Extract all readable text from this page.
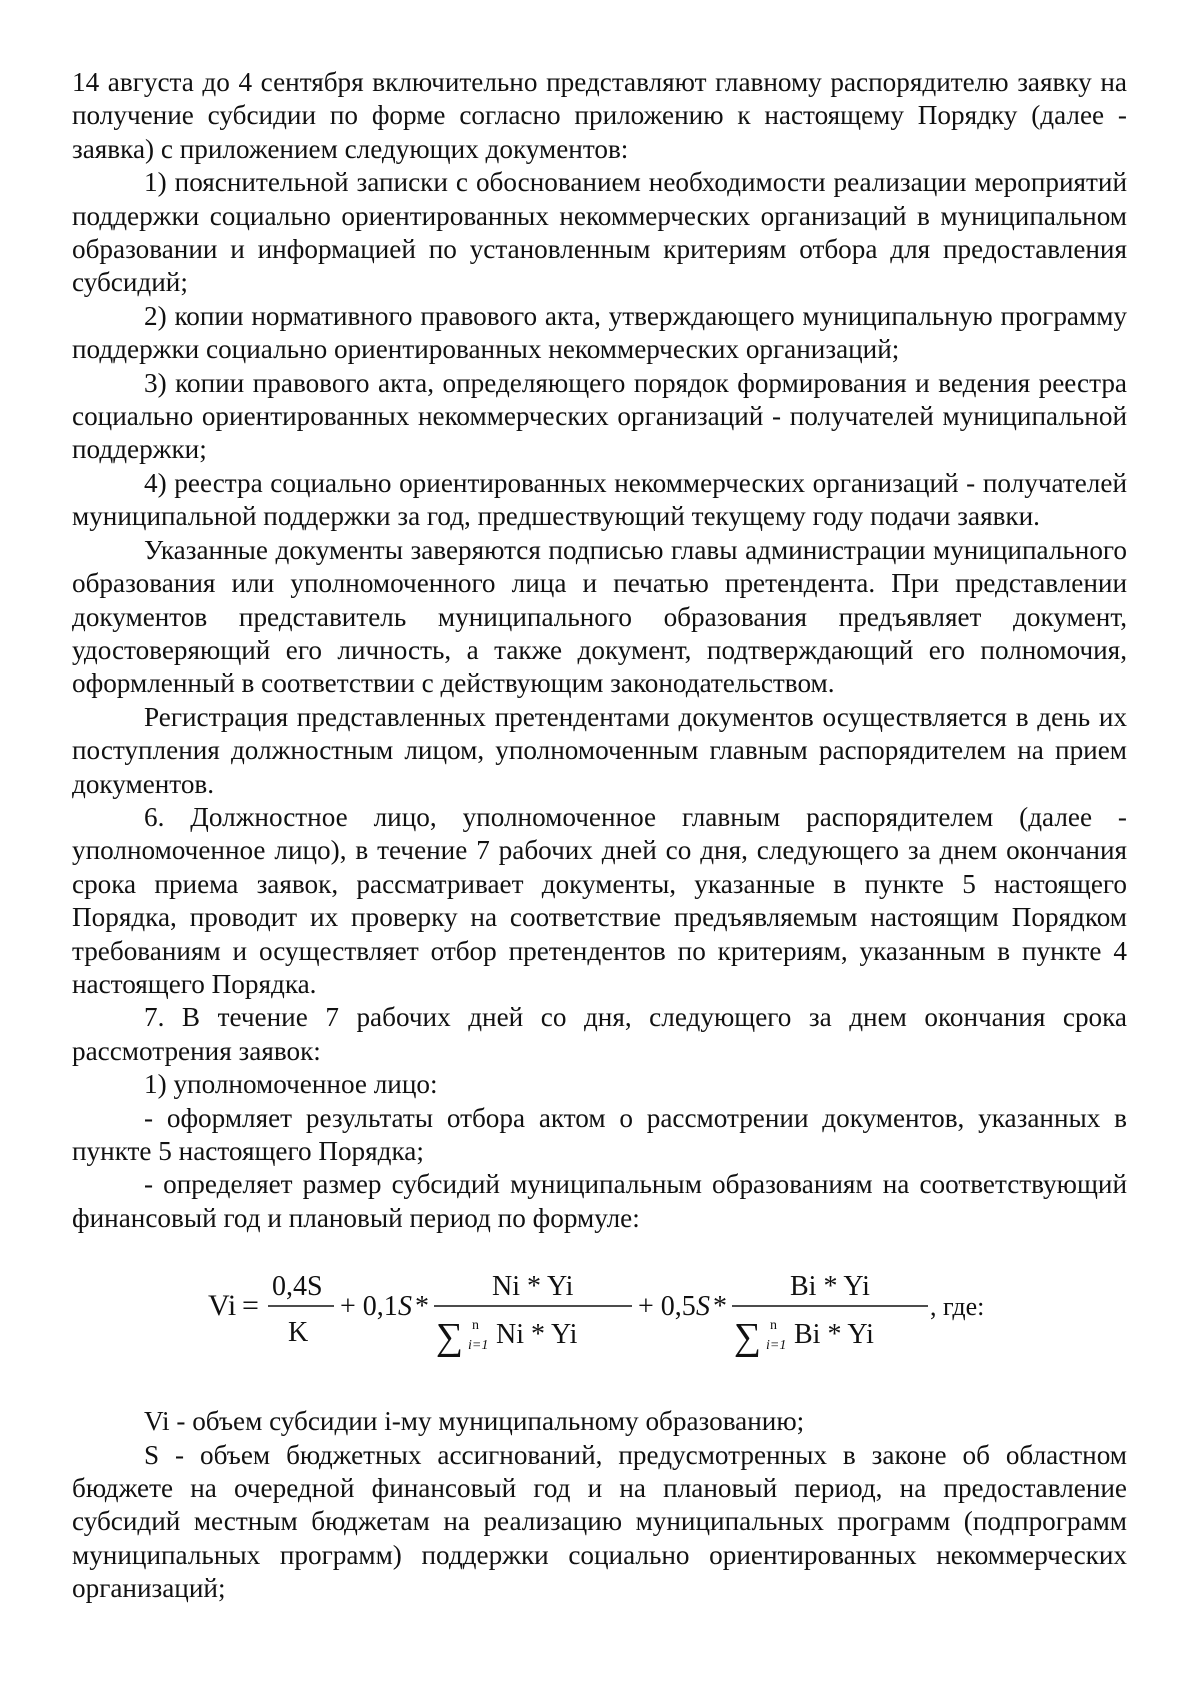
14 августа до 4 сентября включительно представляют главному распорядителю заявку на получение субсидии по форме согласно приложению к настоящему Порядку (далее - заявка) с приложением следующих документов:

1) пояснительной записки с обоснованием необходимости реализации мероприятий поддержки социально ориентированных некоммерческих организаций в муниципальном образовании и информацией по установленным критериям отбора для предоставления субсидий;

2) копии нормативного правового акта, утверждающего муниципальную программу поддержки социально ориентированных некоммерческих организаций;

3) копии правового акта, определяющего порядок формирования и ведения реестра социально ориентированных некоммерческих организаций - получателей муниципальной поддержки;

4) реестра социально ориентированных некоммерческих организаций - получателей муниципальной поддержки за год, предшествующий текущему году подачи заявки.

Указанные документы заверяются подписью главы администрации муниципального образования или уполномоченного лица и печатью претендента. При представлении документов представитель муниципального образования предъявляет документ, удостоверяющий его личность, а также документ, подтверждающий его полномочия, оформленный в соответствии с действующим законодательством.

Регистрация представленных претендентами документов осуществляется в день их поступления должностным лицом, уполномоченным главным распорядителем на прием документов.

6. Должностное лицо, уполномоченное главным распорядителем (далее - уполномоченное лицо), в течение 7 рабочих дней со дня, следующего за днем окончания срока приема заявок, рассматривает документы, указанные в пункте 5 настоящего Порядка, проводит их проверку на соответствие предъявляемым настоящим Порядком требованиям и осуществляет отбор претендентов по критериям, указанным в пункте 4 настоящего Порядка.

7. В течение 7 рабочих дней со дня, следующего за днем окончания срока рассмотрения заявок:

1) уполномоченное лицо:

- оформляет результаты отбора актом о рассмотрении документов, указанных в пункте 5 настоящего Порядка;

- определяет размер субсидий муниципальным образованиям на соответствующий финансовый год и плановый период по формуле:

Vi =
0,4S
K
+ 0,1 S *
Ni * Yi
∑ n
i=1 Ni * Yi
+ 0,5 S *
Bi * Yi
∑ n
i=1 Bi * Yi
, где:

Vi - объем субсидии i-му муниципальному образованию;

S - объем бюджетных ассигнований, предусмотренных в законе об областном бюджете на очередной финансовый год и на плановый период, на предоставление субсидий местным бюджетам на реализацию муниципальных программ (подпрограмм муниципальных программ) поддержки социально ориентированных некоммерческих организаций;
